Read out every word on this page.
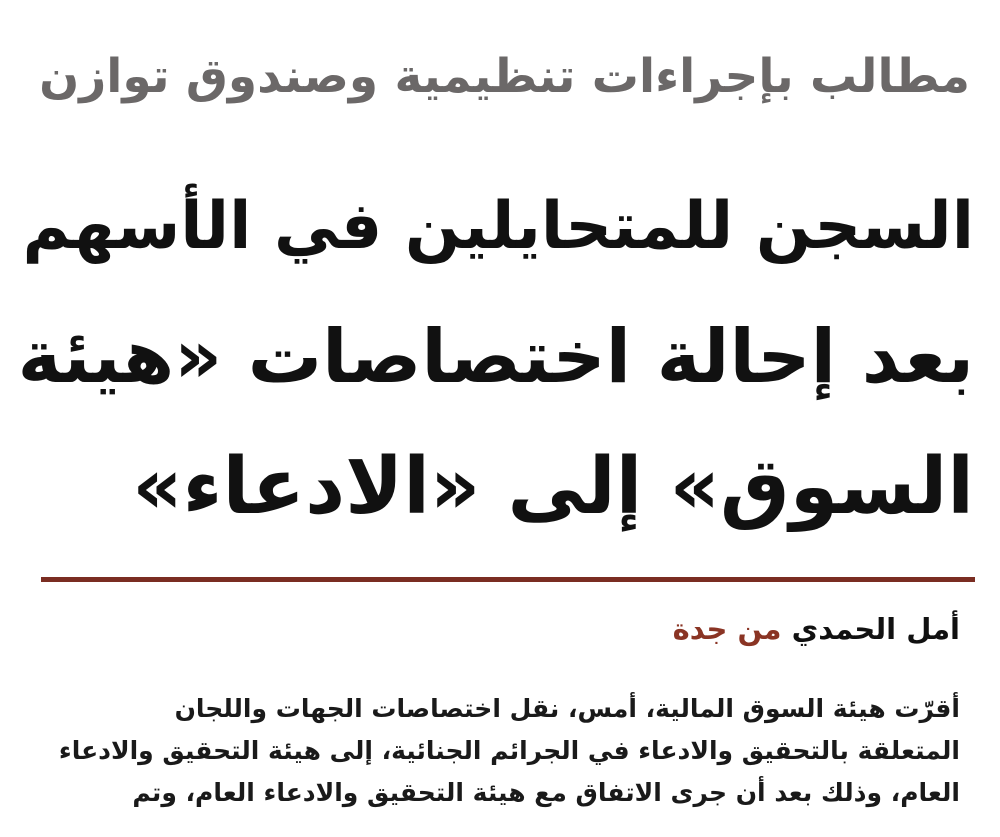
مطالب بإجراءات تنظيمية وصندوق توازن
السجن للمتحايلين في الأسهم
بعد إحالة اختصاصات «هيئة
السوق» إلى «الادعاء»

أمل الحمدي من جدة

أقرّت هيئة السوق المالية، أمس، نقل اختصاصات الجهات واللجان
المتعلقة بالتحقيق والادعاء في الجرائم الجنائية، إلى هيئة التحقيق والادعاء
العام، وذلك بعد أن جرى الاتفاق مع هيئة التحقيق والادعاء العام، وتم
